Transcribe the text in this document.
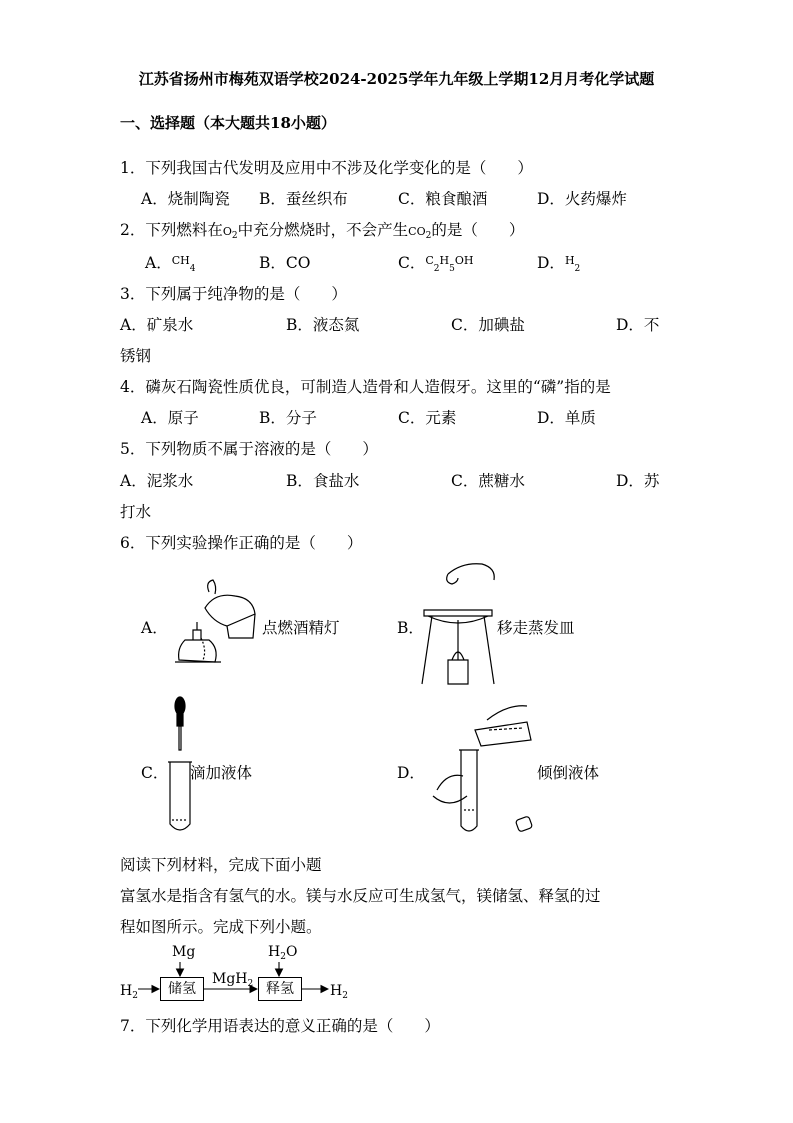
江苏省扬州市梅苑双语学校2024-2025学年九年级上学期12月月考化学试题
一、选择题（本大题共18小题）
1．下列我国古代发明及应用中不涉及化学变化的是（　　）
A．烧制陶瓷 B．蚕丝织布	C．粮食酿酒	D．火药爆炸
2．下列燃料在$O_2$中充分燃烧时，不会产生$CO_2$的是（　　）
A．$^{CH}_4$	B．CO	C．$^C_2^H_5^{OH}$	D．$^H_2$
3．下列属于纯净物的是（　　）
A．矿泉水	B．液态氮	C．加碘盐	D．不
锈钢
4．磷灰石陶瓷性质优良，可制造人造骨和人造假牙。这里的“磷”指的是
A．原子	B．分子	C．元素	D．单质
5．下列物质不属于溶液的是（　　）
A．泥浆水	B．食盐水	C．蔗糖水	D．苏
打水
6．下列实验操作正确的是（　　）
A．	点燃酒精灯	B．	移走蒸发皿
C． 滴加液体	D．	倾倒液体
阅读下列材料，完成下面小题
富氢水是指含有氢气的水。镁与水反应可生成氢气，镁储氢、释氢的过
程如图所示。完成下列小题。
$H_2$
Mg
储氢
MgH$_2$
$H_2O$
释氢	$H_2$
7．下列化学用语表达的意义正确的是（　　）
